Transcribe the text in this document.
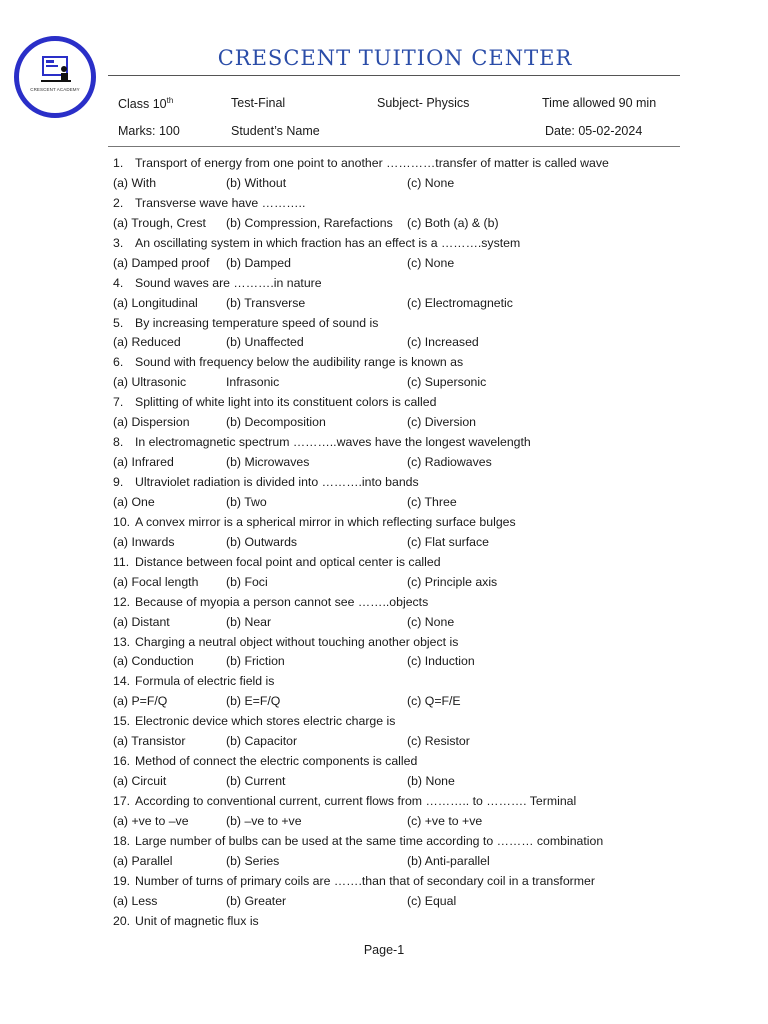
CRESCENT ACADEMY
CRESCENT TUITION CENTER
Class 10th	Test-Final	Subject- Physics	Time allowed 90 min
Marks: 100	Student’s Name	Date: 05-02-2024
1. Transport of energy from one point to another …………transfer of matter is called wave
(a) With	(b) Without	(c) None
2. Transverse wave have ………..
(a) Trough, Crest (b) Compression, Rarefactions (c) Both (a) & (b)
3. An oscillating system in which fraction has an effect is a ……….system
(a) Damped proof (b) Damped	(c) None
4. Sound waves are ……….in nature
(a) Longitudinal (b) Transverse	(c) Electromagnetic
5. By increasing temperature speed of sound is
(a) Reduced	(b) Unaffected	(c) Increased
6. Sound with frequency below the audibility range is known as
(a) Ultrasonic	Infrasonic	(c) Supersonic
7. Splitting of white light into its constituent colors is called
(a) Dispersion	(b) Decomposition	(c) Diversion
8. In electromagnetic spectrum ………..waves have the longest wavelength
(a) Infrared	(b) Microwaves	(c) Radiowaves
9. Ultraviolet radiation is divided into ……….into bands
(a) One	(b) Two	(c) Three
10. A convex mirror is a spherical mirror in which reflecting surface bulges
(a) Inwards	(b) Outwards	(c) Flat surface
11. Distance between focal point and optical center is called
(a) Focal length (b) Foci	(c) Principle axis
12. Because of myopia a person cannot see ……..objects
(a) Distant	(b) Near	(c) None
13. Charging a neutral object without touching another object is
(a) Conduction	(b) Friction	(c) Induction
14. Formula of electric field is
(a) P=F/Q	(b) E=F/Q	(c) Q=F/E
15. Electronic device which stores electric charge is
(a) Transistor	(b) Capacitor	(c) Resistor
16. Method of connect the electric components is called
(a) Circuit	(b) Current	(b) None
17. According to conventional current, current flows from ……….. to ………. Terminal
(a) +ve to –ve	(b) –ve to +ve	(c) +ve to +ve
18. Large number of bulbs can be used at the same time according to ……… combination
(a) Parallel	(b) Series	(b) Anti-parallel
19. Number of turns of primary coils are …….than that of secondary coil in a transformer
(a) Less	(b) Greater	(c) Equal
20. Unit of magnetic flux is
Page-1
